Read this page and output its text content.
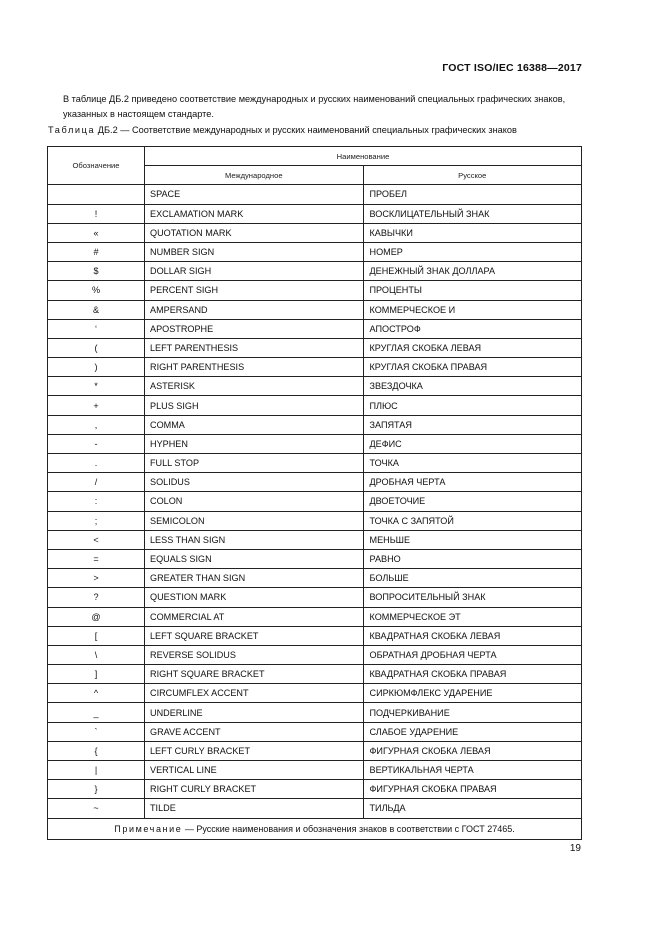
ГОСТ ISO/IEC 16388—2017
В таблице ДБ.2 приведено соответствие международных и русских наименований специальных графических знаков, указанных в настоящем стандарте.
Таблица ДБ.2 — Соответствие международных и русских наименований специальных графических знаков
Обозначение	Наименование	
	Международное	Русское
	SPACE	ПРОБЕЛ
!	EXCLAMATION MARK	ВОСКЛИЦАТЕЛЬНЫЙ ЗНАК
«	QUOTATION MARK	КАВЫЧКИ
#	NUMBER SIGN	НОМЕР
$	DOLLAR SIGH	ДЕНЕЖНЫЙ ЗНАК ДОЛЛАРА
%	PERCENT SIGH	ПРОЦЕНТЫ
&	AMPERSAND	КОММЕРЧЕСКОЕ И
‘	APOSTROPHE	АПОСТРОФ
(	LEFT PARENTHESIS	КРУГЛАЯ СКОБКА ЛЕВАЯ
)	RIGHT PARENTHESIS	КРУГЛАЯ СКОБКА ПРАВАЯ
*	ASTERISK	ЗВЕЗДОЧКА
+	PLUS SIGH	ПЛЮС
,	COMMA	ЗАПЯТАЯ
-	HYPHEN	ДЕФИС
.	FULL STOP	ТОЧКА
/	SOLIDUS	ДРОБНАЯ ЧЕРТА
:	COLON	ДВОЕТОЧИЕ
;	SEMICOLON	ТОЧКА С ЗАПЯТОЙ
<	LESS THAN SIGN	МЕНЬШЕ
=	EQUALS SIGN	РАВНО
>	GREATER THAN SIGN	БОЛЬШЕ
?	QUESTION MARK	ВОПРОСИТЕЛЬНЫЙ ЗНАК
@	COMMERCIAL AT	КОММЕРЧЕСКОЕ ЭТ
[	LEFT SQUARE BRACKET	КВАДРАТНАЯ СКОБКА ЛЕВАЯ
\	REVERSE SOLIDUS	ОБРАТНАЯ ДРОБНАЯ ЧЕРТА
]	RIGHT SQUARE BRACKET	КВАДРАТНАЯ СКОБКА ПРАВАЯ
^	CIRCUMFLEX ACCENT	СИРКЮМФЛЕКС УДАРЕНИЕ
_	UNDERLINE	ПОДЧЕРКИВАНИЕ
`	GRAVE ACCENT	СЛАБОЕ УДАРЕНИЕ
{	LEFT CURLY BRACKET	ФИГУРНАЯ СКОБКА ЛЕВАЯ
|	VERTICAL LINE	ВЕРТИКАЛЬНАЯ ЧЕРТА
}	RIGHT CURLY BRACKET	ФИГУРНАЯ СКОБКА ПРАВАЯ
~	TILDE	ТИЛЬДА
Примечание — Русские наименования и обозначения знаков в соответствии с ГОСТ 27465.		
19
